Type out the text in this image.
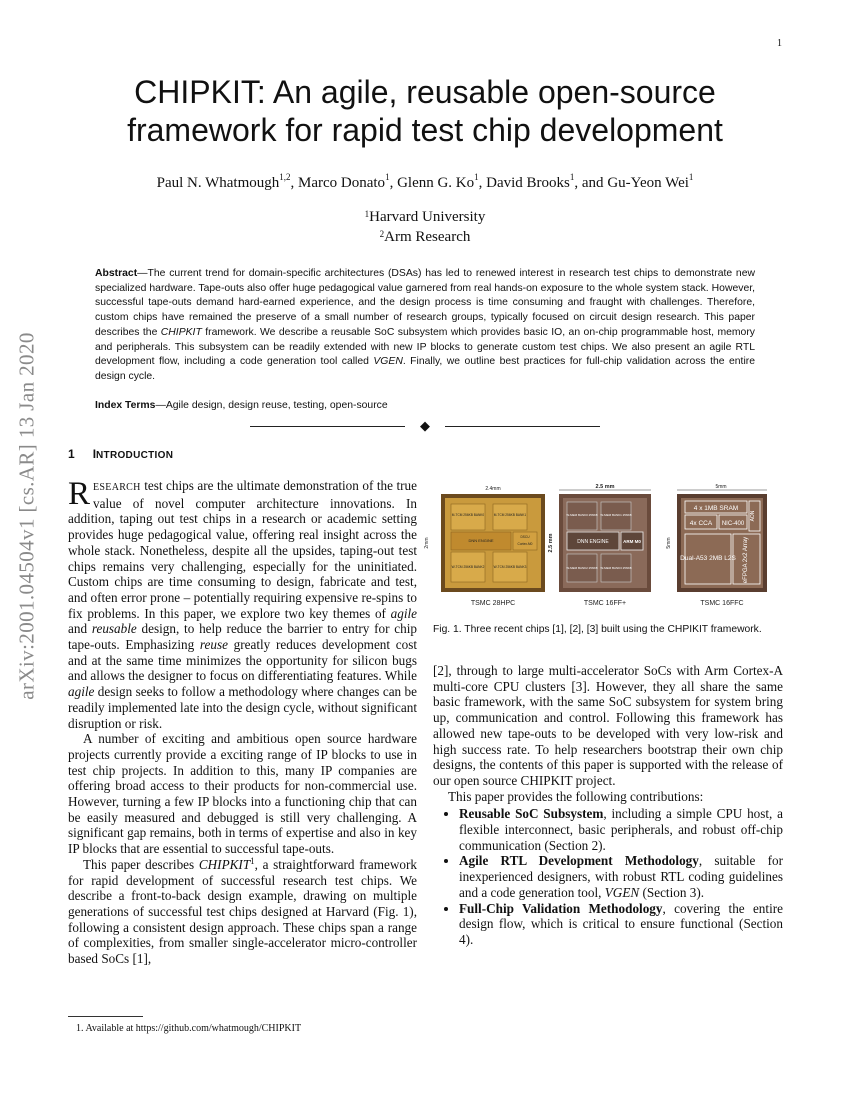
1
arXiv:2001.04504v1 [cs.AR] 13 Jan 2020
CHIPKIT: An agile, reusable open-source framework for rapid test chip development
Paul N. Whatmough$^{1,2}$, Marco Donato$^1$, Glenn G. Ko$^1$, David Brooks$^1$, and Gu-Yeon Wei$^1$
$^1$Harvard University
$^2$Arm Research
Abstract—The current trend for domain-specific architectures (DSAs) has led to renewed interest in research test chips to demonstrate new specialized hardware. Tape-outs also offer huge pedagogical value garnered from real hands-on exposure to the whole system stack. However, successful tape-outs demand hard-earned experience, and the design process is time consuming and fraught with challenges. Therefore, custom chips have remained the preserve of a small number of research groups, typically focused on circuit design research. This paper describes the CHIPKIT framework. We describe a reusable SoC subsystem which provides basic IO, an on-chip programmable host, memory and peripherals. This subsystem can be readily extended with new IP blocks to generate custom test chips. We also present an agile RTL development flow, including a code generation tool called VGEN. Finally, we outline best practices for full-chip validation across the entire design cycle.
Index Terms—Agile design, design reuse, testing, open-source
◆
1 INTRODUCTION

RESEARCH test chips are the ultimate demonstration of the true value of novel computer architecture innovations. In addition, taping out test chips in a research or academic setting provides huge pedagogical value, offering real insight across the whole stack. Nonetheless, despite all the upsides, taping-out test chips remains very challenging, especially for the uninitiated. Custom chips are time consuming to design, fabricate and test, and often error prone – potentially requiring expensive re-spins to fix problems. In this paper, we explore two key themes of agile and reusable design, to help reduce the barrier to entry for chip tape-outs. Emphasizing reuse greatly reduces development cost and at the same time minimizes the opportunity for silicon bugs and allows the designer to focus on differentiating features. While agile design seeks to follow a methodology where changes can be readily implemented late into the design cycle, without significant disruption or risk.

A number of exciting and ambitious open source hardware projects currently provide a exciting range of IP blocks to use in test chip projects. In addition to this, many IP companies are offering broad access to their products for non-commercial use. However, turning a few IP blocks into a functioning chip that can be easily measured and debugged is still very challenging. A significant gap remains, both in terms of expertise and also in key IP blocks that are essential to successful tape-outs.

This paper describes CHIPKIT$^1$, a straightforward framework for rapid development of successful research test chips. We describe a front-to-back design example, drawing on multiple generations of successful test chips designed at Harvard (Fig. 1), following a consistent design approach. These chips span a range of complexities, from smaller single-accelerator micro-controller based SoCs [1],

1. Available at https://github.com/whatmough/CHIPKIT
2.4mm
2mm
M-TCM 256KB BANK0	M-TCM 256KB BANK1
DNN ENGINE
DSCU
Cortex-M0
W-TCM 256KB BANK2	W-TCM 256KB BANK3
TSMC 28HPC
2.5 mm
2.5 mm
W-MEM BANK0 256KB W-MEM BANK1 256KB
DNN ENGINE	ARM M0
W-MEM BANK2 256KB W-MEM BANK3 256KB
TSMC 16FF+
5mm
5mm
4 x 1MB SRAM
4x CCA NIC-400
AON
Dual-A53 2MB L2S eFPGA 2x2 Array
TSMC 16FFC
Fig. 1. Three recent chips [1], [2], [3] built using the CHPIKIT framework.

[2], through to large multi-accelerator SoCs with Arm Cortex-A multi-core CPU clusters [3]. However, they all share the same basic framework, with the same SoC subsystem for system bring up, communication and control. Following this framework has allowed new tape-outs to be developed with very low-risk and high success rate. To help researchers bootstrap their own chip designs, the contents of this paper is supported with the release of our open source CHIPKIT project.

This paper provides the following contributions:

• Reusable SoC Subsystem, including a simple CPU host, a flexible interconnect, basic peripherals, and robust off-chip communication (Section 2).
• Agile RTL Development Methodology, suitable for inexperienced designers, with robust RTL coding guidelines and a code generation tool, VGEN (Section 3).
• Full-Chip Validation Methodology, covering the entire design flow, which is critical to ensure functional (Section 4).
